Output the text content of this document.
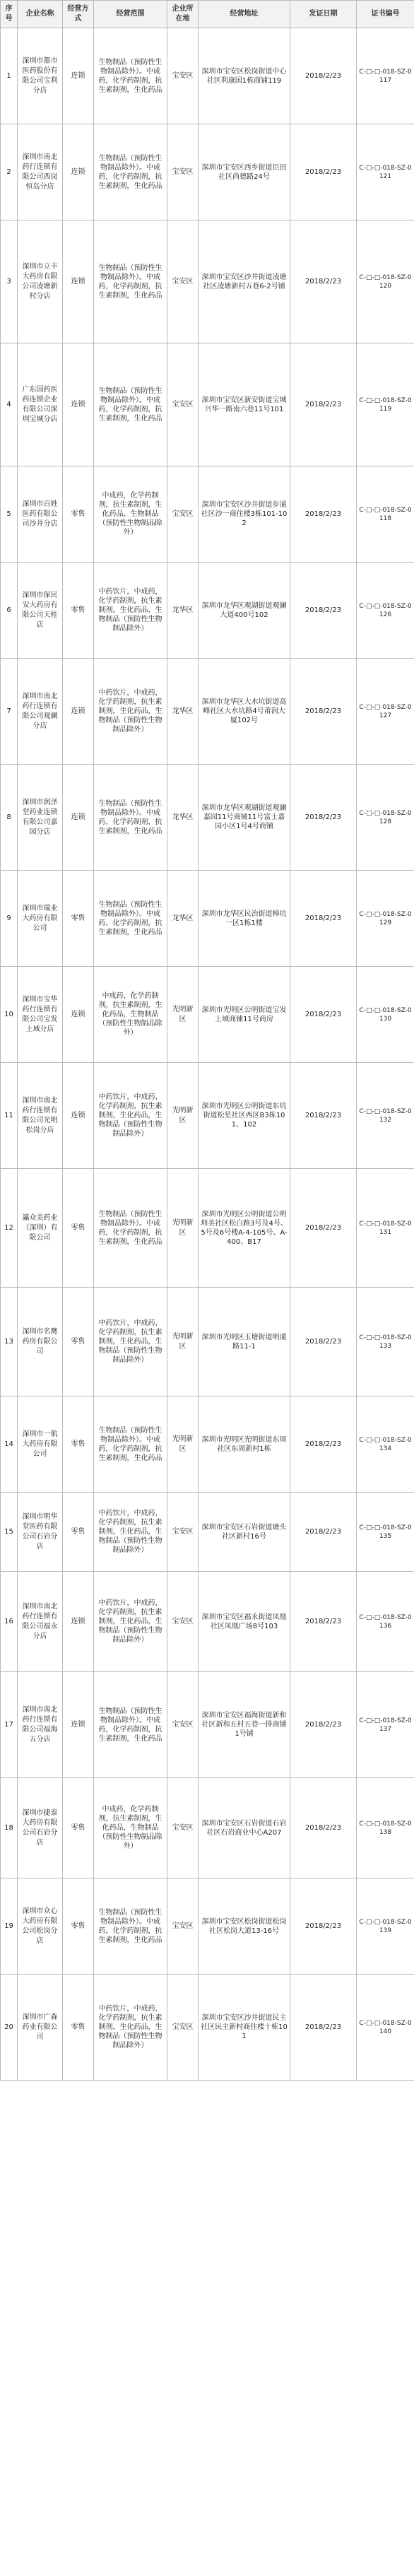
序号	企业名称	经营方式	经营范围	企业所在地	经营地址	发证日期	证书编号
1	深圳市都市医药股份有限公司宝利分店	连锁	生物制品（预防性生物制品除外）。中成药，化学药制剂，抗生素制剂，生化药品	宝安区	深圳市宝安区松岗街道中心社区利康国1栋商铺119	2018/2/23	C-□-□-018-SZ-0117
2	深圳市南北药行连锁有限公司西岗恒岛分店	连锁	生物制品（预防性生物制品除外）。中成药，化学药制剂，抗生素制剂，生化药品	宝安区	深圳市宝安区西乡街道臣田社区尚德路24号	2018/2/23	C-□-□-018-SZ-0121
3	深圳市立丰大药房有限公司凌塘新村分店	连锁	生物制品（预防性生物制品除外）。中成药，化学药制剂，抗生素制剂，生化药品	宝安区	深圳市宝安区沙井街道凌塘社区凌塘新村五巷6-2号铺	2018/2/23	C-□-□-018-SZ-0120
4	广东国药医药连锁企业有限公司深圳宝城分店	连锁	生物制品（预防性生物制品除外）。中成药，化学药制剂，抗生素制剂，生化药品	宝安区	深圳市宝安区新安街道宝城兴华一路南六巷11号101	2018/2/23	C-□-□-018-SZ-0119
5	深圳市百姓医药有限公司沙井分店	零售	中成药，化学药制剂，抗生素制剂，生化药品，生物制品（预防性生物制品除外）	宝安区	深圳市宝安区沙井街道步涌社区沙一商住楼3栋101-102	2018/2/23	C-□-□-018-SZ-0118
6	深圳市保民安大药房有限公司天桂店	零售	中药饮片，中成药，化学药制剂，抗生素制剂，生化药品，生物制品（预防性生物制品除外）	龙华区	深圳市龙华区观湖街道观澜大道400号102	2018/2/23	C-□-□-018-SZ-0126
7	深圳市南北药行连锁有限公司观澜分店	连锁	中药饮片，中成药，化学药制剂，抗生素制剂，生化药品，生物制品（预防性生物制品除外）	龙华区	深圳市龙华区大水坑街道高峰社区大水坑路4号莆润大厦102号	2018/2/23	C-□-□-018-SZ-0127
8	深圳市润泽堂药业连锁有限公司嘉园分店	连锁	生物制品（预防性生物制品除外）。中成药，化学药制剂，抗生素制剂，生化药品	龙华区	深圳市龙华区观湖街道观澜嘉园11号商铺11号富士嘉园小区1号4号商铺	2018/2/23	C-□-□-018-SZ-0128
9	深圳市瑞业大药房有限公司	零售	生物制品（预防性生物制品除外）。中成药，化学药制剂，抗生素制剂，生化药品	龙华区	深圳市龙华区民治街道樟坑一区1栋1楼	2018/2/23	C-□-□-018-SZ-0129
10	深圳市宝华药行连锁有限公司宝发上域分店	连锁	中成药，化学药制剂，抗生素制剂，生化药品，生物制品（预防性生物制品除外）	光明新区	深圳市光明区公明街道宝发上域商铺11号商房	2018/2/23	C-□-□-018-SZ-0130
11	深圳市南北药行连锁有限公司光明松岗分店	连锁	中药饮片，中成药，化学药制剂，抗生素制剂，生化药品，生物制品（预防性生物制品除外）	光明新区	深圳市光明区公明街道东坑街道松星社区西区B3栋101、102	2018/2/23	C-□-□-018-SZ-0132
12	瀛众美药业（深圳）有限公司	零售	生物制品（预防性生物制品除外）。中成药，化学药制剂，抗生素制剂，生化药品	光明新区	深圳市光明区公明街道公明圳美社区松白路3号及4号、5号及6号楼A-4-105号、A-400、B17	2018/2/23	C-□-□-018-SZ-0131
13	深圳市名鹰药房有限公司	零售	中药饮片，中成药，化学药制剂，抗生素制剂，生化药品，生物制品（预防性生物制品除外）	光明新区	深圳市光明区玉塘街道明通路11-1	2018/2/23	C-□-□-018-SZ-0133
14	深圳市一航大药房有限公司	零售	生物制品（预防性生物制品除外）。中成药，化学药制剂，抗生素制剂，生化药品	光明新区	深圳市光明区光明街道东周社区东周新村1栋	2018/2/23	C-□-□-018-SZ-0134
15	深圳市明华堂医药有限公司石岩分店	零售	中药饮片，中成药，化学药制剂，抗生素制剂，生化药品，生物制品（预防性生物制品除外）	宝安区	深圳市宝安区石岩街道塘头社区新村16号	2018/2/23	C-□-□-018-SZ-0135
16	深圳市南北药行连锁有限公司福永分店	连锁	中药饮片，中成药，化学药制剂，抗生素制剂，生化药品，生物制品（预防性生物制品除外）	宝安区	深圳市宝安区福永街道凤凰社区凤凰广场8号103	2018/2/23	C-□-□-018-SZ-0136
17	深圳市南北药行连锁有限公司福海五分店	连锁	生物制品（预防性生物制品除外）。中成药，化学药制剂，抗生素制剂，生化药品	宝安区	深圳市宝安区福海街道新和社区新和五村五巷一排商铺1号铺	2018/2/23	C-□-□-018-SZ-0137
18	深圳市捷泰大药房有限公司石岩分店	零售	中成药，化学药制剂，抗生素制剂，生化药品，生物制品（预防性生物制品除外）	宝安区	深圳市宝安区石岩街道石岩社区石岩商业中心A207	2018/2/23	C-□-□-018-SZ-0138
19	深圳市众心大药房有限公司松岗分店	零售	生物制品（预防性生物制品除外）。中成药，化学药制剂，抗生素制剂，生化药品	宝安区	深圳市宝安区松岗街道松岗社区松岗大道13-16号	2018/2/23	C-□-□-018-SZ-0139
20	深圳市广森药业有限公司	零售	中药饮片，中成药，化学药制剂，抗生素制剂，生化药品，生物制品（预防性生物制品除外）	宝安区	深圳市宝安区沙井街道民主社区民主新村商住楼十栋101	2018/2/23	C-□-□-018-SZ-0140
